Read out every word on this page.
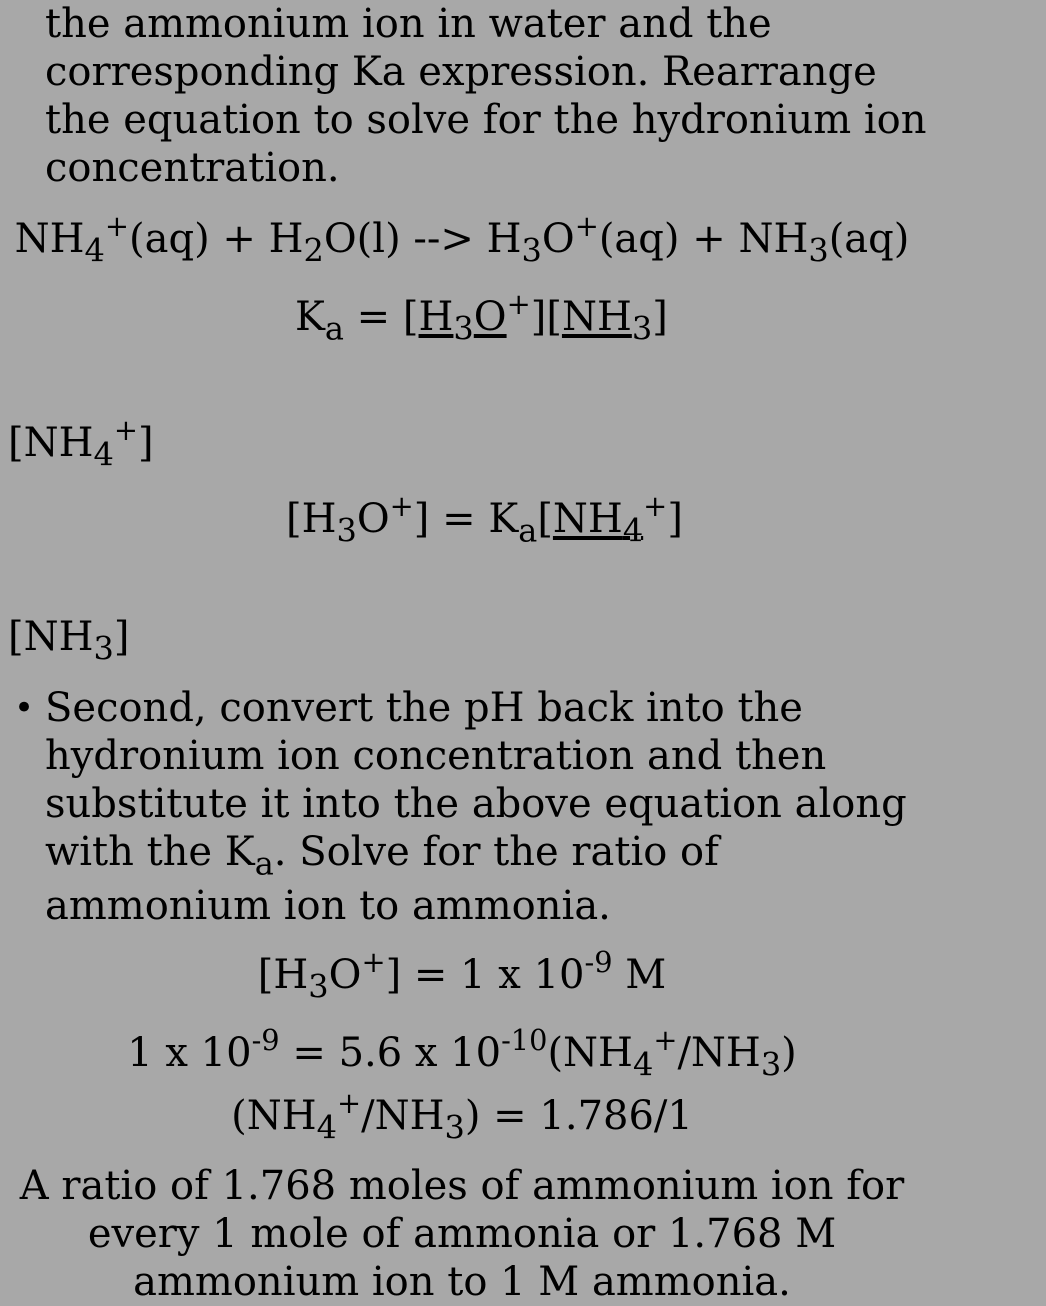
the ammonium ion in water and the
corresponding Ka expression. Rearrange
the equation to solve for the hydronium ion
concentration.
$NH_4^+(aq) + H_2O(l)$ --> $H_3O^+(aq) + NH_3(aq)$
$K_a = [H_3O^+][NH_3]$
$[NH_4^+]$
$[H_3O^+] = K_a[NH_4^+]$
$[NH_3]$
• Second, convert the pH back into the
hydronium ion concentration and then
substitute it into the above equation along
with the $K_a$. Solve for the ratio of
ammonium ion to ammonia.
$[H_3O^+] = 1$ x $10^{-9}$ M
1 x $10^{-9} = 5.6$ x $10^{-10}(NH_4^+/NH_3)$
$(NH_4^+/NH_3) = 1.786/1$
A ratio of 1.768 moles of ammonium ion for
every 1 mole of ammonia or 1.768 M
ammonium ion to 1 M ammonia.
